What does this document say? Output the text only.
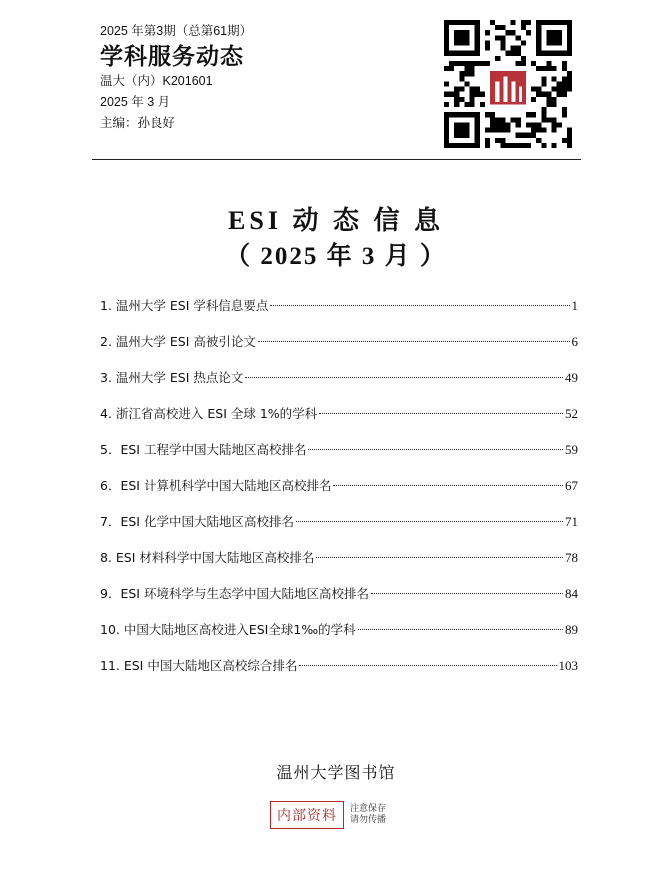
2025 年第3期（总第61期）
学科服务动态
温大（内）K201601
2025 年 3 月
主编：孙良好
ESI 动 态 信 息
（ 2025 年 3 月 ）
1. 温州大学 ESI 学科信息要点	1
2. 温州大学 ESI 高被引论文	6
3. 温州大学 ESI 热点论文	49
4. 浙江省高校进入 ESI 全球 1%的学科	52
5．ESI 工程学中国大陆地区高校排名	59
6．ESI 计算机科学中国大陆地区高校排名	67
7．ESI 化学中国大陆地区高校排名	71
8. ESI 材料科学中国大陆地区高校排名	78
9．ESI 环境科学与生态学中国大陆地区高校排名	84
10. 中国大陆地区高校进入ESI全球1‰的学科	89
11. ESI 中国大陆地区高校综合排名	103
温州大学图书馆
内部资料	注意保存
请勿传播
